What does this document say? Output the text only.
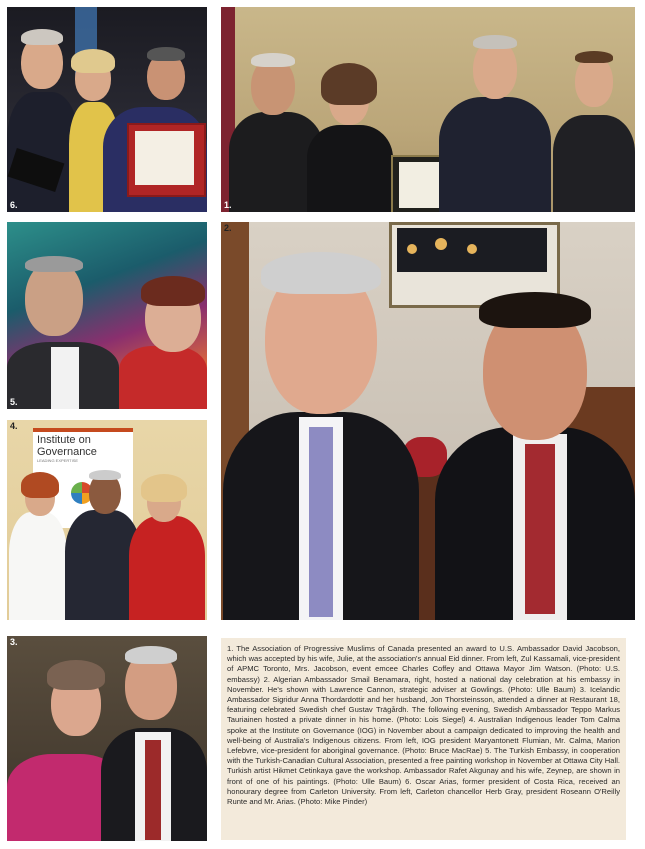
6.	1.
5.
2.
Institute on
Governance
LEADING EXPERTISE
4.
3.
1. The Association of Progressive Muslims of Canada presented an award to U.S. Ambassador David Jacobson, which was accepted by his wife, Julie, at the association's annual Eid dinner. From left, Zul Kassamali, vice-president of APMC Toronto, Mrs. Jacobson, event emcee Charles Coffey and Ottawa Mayor Jim Watson. (Photo: U.S. embassy) 2. Algerian Ambassador Smail Benamara, right, hosted a national day celebration at his embassy in November. He's shown with Lawrence Cannon, strategic adviser at Gowlings. (Photo: Ulle Baum) 3. Icelandic Ambassador Sigridur Anna Thordardottir and her husband, Jon Thorsteinsson, attended a dinner at Restaurant 18, featuring celebrated Swedish chef Gustav Trägårdh. The following evening, Swedish Ambassador Teppo Markus Tauriainen hosted a private dinner in his home. (Photo: Lois Siegel) 4. Australian Indigenous leader Tom Calma spoke at the Institute on Governance (IOG) in November about a campaign dedicated to improving the health and well-being of Australia's Indigenous citizens. From left, IOG president Maryantonett Flumian, Mr. Calma, Marion Lefebvre, vice-president for aboriginal governance. (Photo: Bruce MacRae) 5. The Turkish Embassy, in cooperation with the Turkish-Canadian Cultural Association, presented a free painting workshop in November at Ottawa City Hall. Turkish artist Hikmet Cetinkaya gave the workshop. Ambassador Rafet Akgunay and his wife, Zeynep, are shown in front of one of his paintings. (Photo: Ulle Baum) 6. Oscar Arias, former president of Costa Rica, received an honourary degree from Carleton University. From left, Carleton chancellor Herb Gray, president Roseann O'Reilly Runte and Mr. Arias. (Photo: Mike Pinder)
